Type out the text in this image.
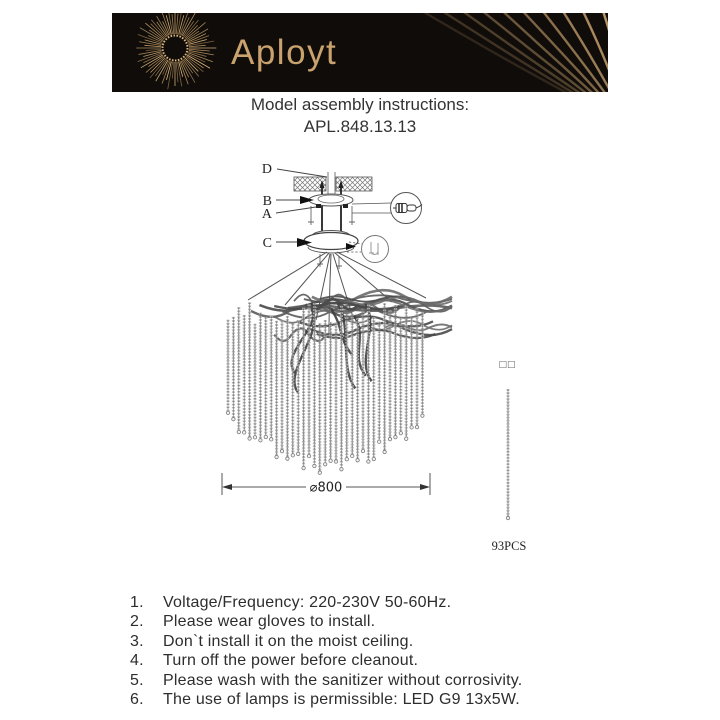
Aployt
Model assembly instructions:
APL.848.13.13
D
B
A
C
⌀800
□□
93PCS
1.	Voltage/Frequency: 220-230V 50-60Hz.
2.	Please wear gloves to install.
3.	Don`t install it on the moist ceiling.
4.	Turn off the power before cleanout.
5.	Please wash with the sanitizer without corrosivity.
6.	The use of lamps is permissible: LED G9 13x5W.
